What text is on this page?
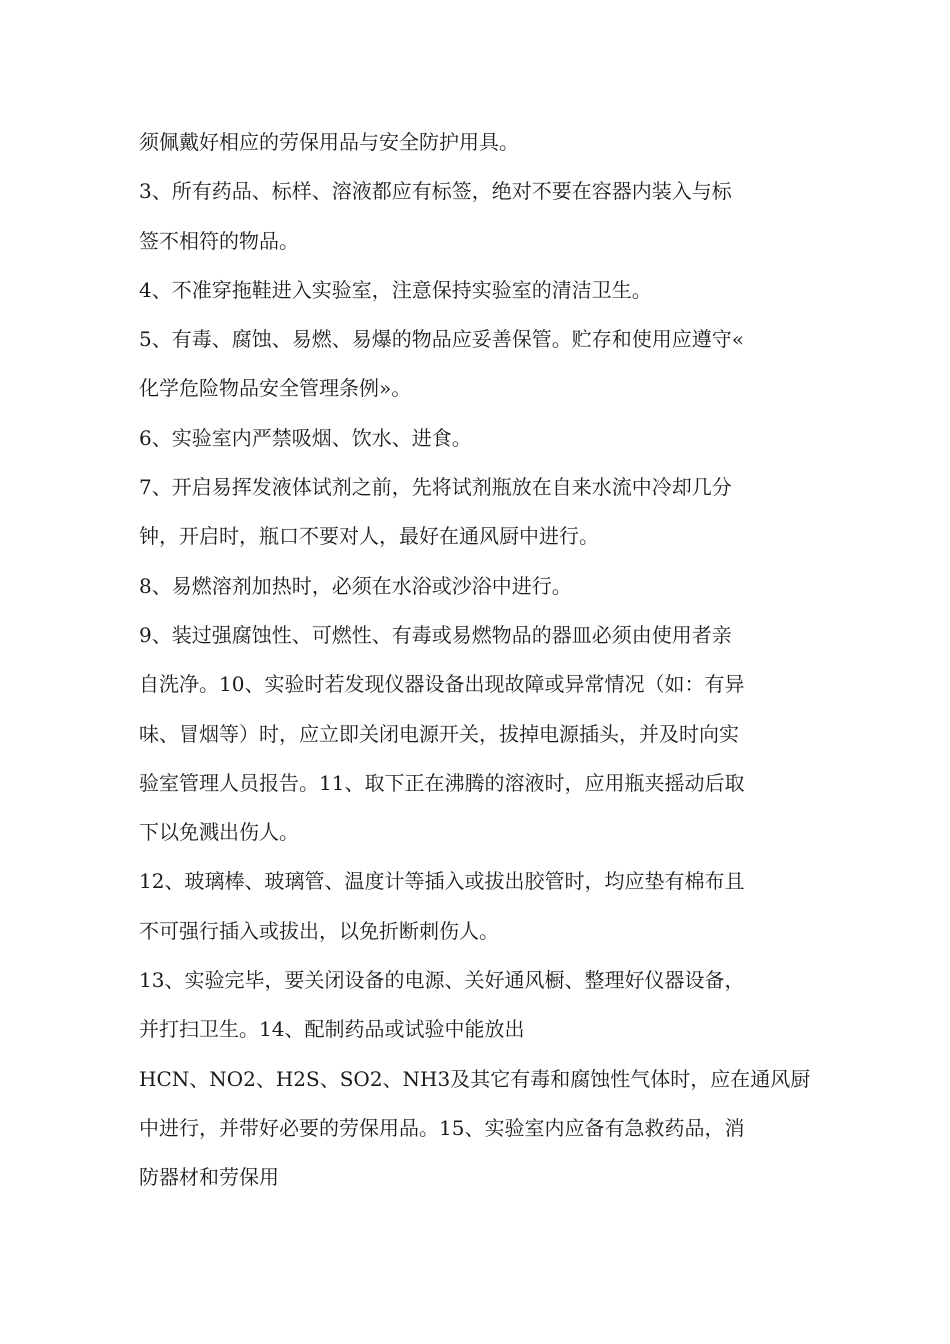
须佩戴好相应的劳保用品与安全防护用具。
3、所有药品、标样、溶液都应有标签，绝对不要在容器内装入与标
签不相符的物品。
4、不准穿拖鞋进入实验室，注意保持实验室的清洁卫生。
5、有毒、腐蚀、易燃、易爆的物品应妥善保管。贮存和使用应遵守«
化学危险物品安全管理条例»。
6、实验室内严禁吸烟、饮水、进食。
7、开启易挥发液体试剂之前，先将试剂瓶放在自来水流中冷却几分
钟，开启时，瓶口不要对人，最好在通风厨中进行。
8、易燃溶剂加热时，必须在水浴或沙浴中进行。
9、装过强腐蚀性、可燃性、有毒或易燃物品的器皿必须由使用者亲
自洗净。10、实验时若发现仪器设备出现故障或异常情况（如：有异
味、冒烟等）时，应立即关闭电源开关，拔掉电源插头，并及时向实
验室管理人员报告。11、取下正在沸腾的溶液时，应用瓶夹摇动后取
下以免溅出伤人。
12、玻璃棒、玻璃管、温度计等插入或拔出胶管时，均应垫有棉布且
不可强行插入或拔出，以免折断刺伤人。
13、实验完毕，要关闭设备的电源、关好通风橱、整理好仪器设备，
并打扫卫生。14、配制药品或试验中能放出
HCN、NO2、H2S、SO2、NH3及其它有毒和腐蚀性气体时，应在通风厨
中进行，并带好必要的劳保用品。15、实验室内应备有急救药品，消
防器材和劳保用
